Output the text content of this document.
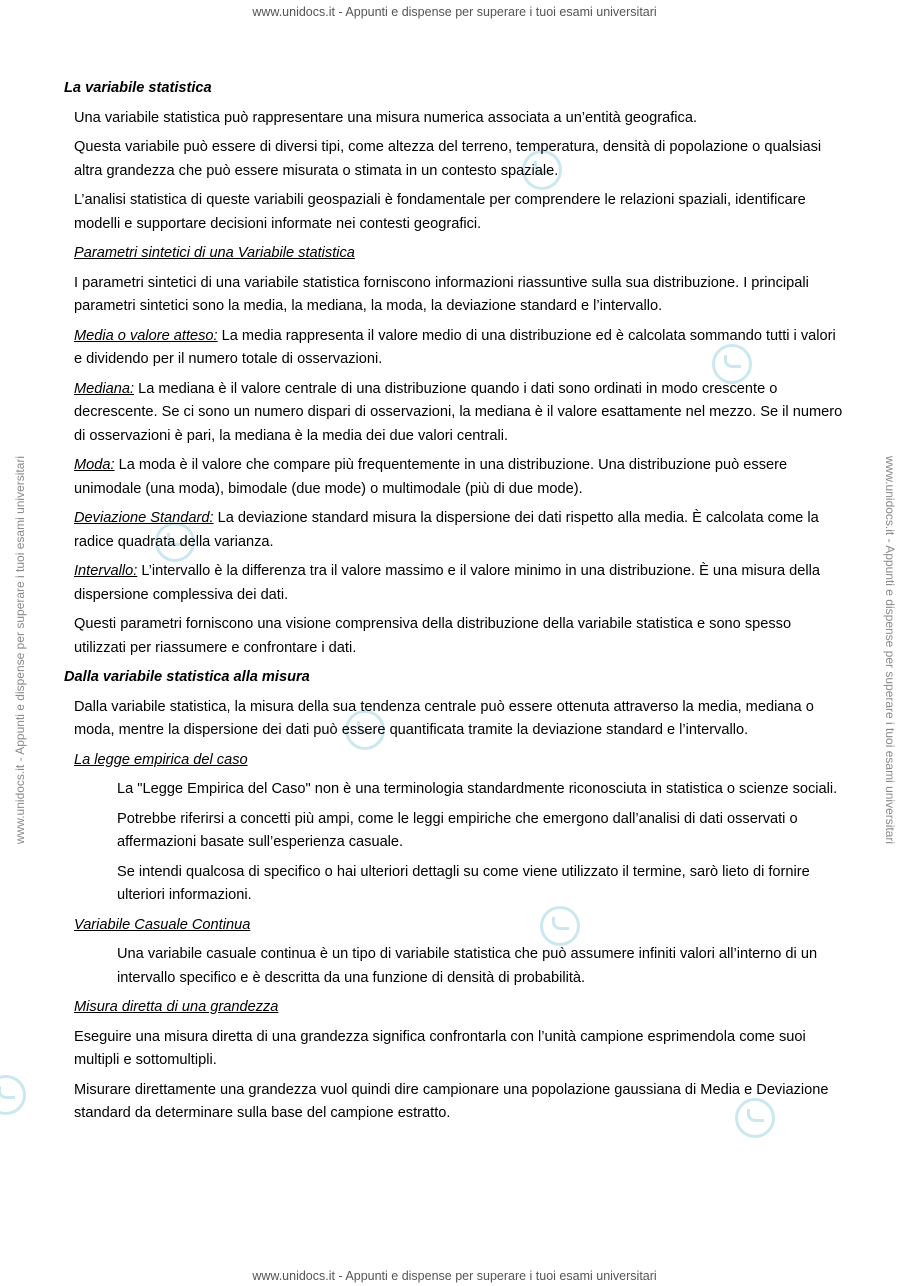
www.unidocs.it - Appunti e dispense per superare i tuoi esami universitari
www.unidocs.it - Appunti e dispense per superare i tuoi esami universitari
www.unidocs.it - Appunti e dispense per superare i tuoi esami universitari	www.unidocs.it - Appunti e dispense per superare i tuoi esami universitari
La variabile statistica
Una variabile statistica può rappresentare una misura numerica associata a un’entità geografica.
Questa variabile può essere di diversi tipi, come altezza del terreno, temperatura, densità di popolazione o qualsiasi altra grandezza che può essere misurata o stimata in un contesto spaziale.
L’analisi statistica di queste variabili geospaziali è fondamentale per comprendere le relazioni spaziali, identificare modelli e supportare decisioni informate nei contesti geografici.
Parametri sintetici di una Variabile statistica
I parametri sintetici di una variabile statistica forniscono informazioni riassuntive sulla sua distribuzione. I principali parametri sintetici sono la media, la mediana, la moda, la deviazione standard e l’intervallo.
Media o valore atteso: La media rappresenta il valore medio di una distribuzione ed è calcolata sommando tutti i valori e dividendo per il numero totale di osservazioni.
Mediana: La mediana è il valore centrale di una distribuzione quando i dati sono ordinati in modo crescente o decrescente. Se ci sono un numero dispari di osservazioni, la mediana è il valore esattamente nel mezzo. Se il numero di osservazioni è pari, la mediana è la media dei due valori centrali.
Moda: La moda è il valore che compare più frequentemente in una distribuzione. Una distribuzione può essere unimodale (una moda), bimodale (due mode) o multimodale (più di due mode).
Deviazione Standard: La deviazione standard misura la dispersione dei dati rispetto alla media. È calcolata come la radice quadrata della varianza.
Intervallo: L’intervallo è la differenza tra il valore massimo e il valore minimo in una distribuzione. È una misura della dispersione complessiva dei dati.
Questi parametri forniscono una visione comprensiva della distribuzione della variabile statistica e sono spesso utilizzati per riassumere e confrontare i dati.
Dalla variabile statistica alla misura
Dalla variabile statistica, la misura della sua tendenza centrale può essere ottenuta attraverso la media, mediana o moda, mentre la dispersione dei dati può essere quantificata tramite la deviazione standard e l’intervallo.
La legge empirica del caso
La "Legge Empirica del Caso" non è una terminologia standardmente riconosciuta in statistica o scienze sociali.
Potrebbe riferirsi a concetti più ampi, come le leggi empiriche che emergono dall’analisi di dati osservati o affermazioni basate sull’esperienza casuale.
Se intendi qualcosa di specifico o hai ulteriori dettagli su come viene utilizzato il termine, sarò lieto di fornire ulteriori informazioni.
Variabile Casuale Continua
Una variabile casuale continua è un tipo di variabile statistica che può assumere infiniti valori all’interno di un intervallo specifico e è descritta da una funzione di densità di probabilità.
Misura diretta di una grandezza
Eseguire una misura diretta di una grandezza significa confrontarla con l’unità campione esprimendola come suoi multipli e sottomultipli.
Misurare direttamente una grandezza vuol quindi dire campionare una popolazione gaussiana di Media e Deviazione standard da determinare sulla base del campione estratto.
